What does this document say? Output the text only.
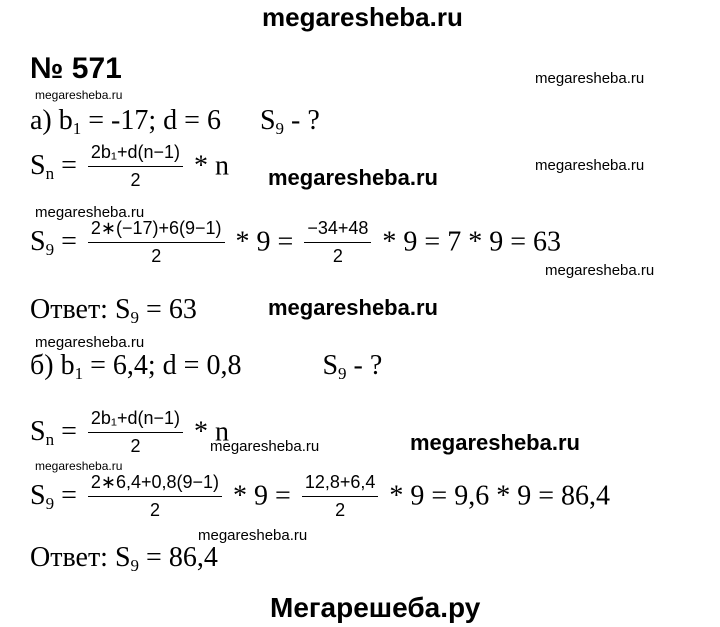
megaresheba.ru
№ 571	megaresheba.ru
megaresheba.ru
megaresheba.ru
megaresheba.ru
megaresheba.ru
megaresheba.ru
megaresheba.ru
megaresheba.ru
megaresheba.ru
megaresheba.ru
megaresheba.ru
megaresheba.ru
а) $b_1 = -17$; d = 6 $S_9$ - ?
$S_n = \frac{\text{2b₁+d(n−1)}}{2} * n$
$S_9 = \frac{2∗(-17)+6(9-1)}{2} * 9 = \frac{-34+48}{2} * 9 = 7 * 9 = 63$
Ответ: $S_9 = 63$
б) $b_1 = 6,4$; d = 0,8	$S_9$ - ?
$S_n = \frac{\text{2b₁+d(n−1)}}{2} * n$
$S_9 = \frac{2∗6,4+0,8(9-1)}{2} * 9 = \frac{12,8+6,4}{2} * 9 = 9,6 * 9 = 86,4$
Ответ: $S_9 = 86,4$
Мегарешеба.ру
